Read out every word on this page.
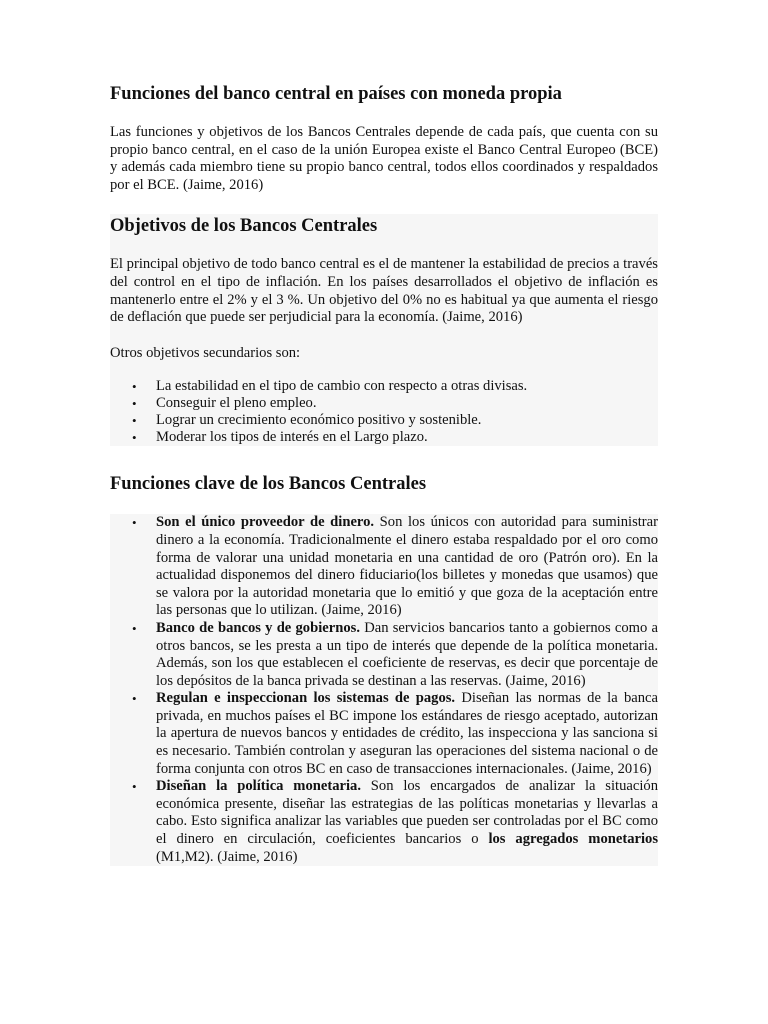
Funciones del banco central en países con moneda propia

Las funciones y objetivos de los Bancos Centrales depende de cada país, que cuenta con su propio banco central, en el caso de la unión Europea existe el Banco Central Europeo (BCE) y además cada miembro tiene su propio banco central, todos ellos coordinados y respaldados por el BCE. (Jaime, 2016)

Objetivos de los Bancos Centrales

El principal objetivo de todo banco central es el de mantener la estabilidad de precios a través del control en el tipo de inflación. En los países desarrollados el objetivo de inflación es mantenerlo entre el 2% y el 3 %. Un objetivo del 0% no es habitual ya que aumenta el riesgo de deflación que puede ser perjudicial para la economía. (Jaime, 2016)

Otros objetivos secundarios son:

• La estabilidad en el tipo de cambio con respecto a otras divisas.
• Conseguir el pleno empleo.
• Lograr un crecimiento económico positivo y sostenible.
• Moderar los tipos de interés en el Largo plazo.
Funciones clave de los Bancos Centrales
• Son el único proveedor de dinero. Son los únicos con autoridad para suministrar dinero a la economía. Tradicionalmente el dinero estaba respaldado por el oro como forma de valorar una unidad monetaria en una cantidad de oro (Patrón oro). En la actualidad disponemos del dinero fiduciario(los billetes y monedas que usamos) que se valora por la autoridad monetaria que lo emitió y que goza de la aceptación entre las personas que lo utilizan. (Jaime, 2016)
• Banco de bancos y de gobiernos. Dan servicios bancarios tanto a gobiernos como a otros bancos, se les presta a un tipo de interés que depende de la política monetaria. Además, son los que establecen el coeficiente de reservas, es decir que porcentaje de los depósitos de la banca privada se destinan a las reservas. (Jaime, 2016)
• Regulan e inspeccionan los sistemas de pagos. Diseñan las normas de la banca privada, en muchos países el BC impone los estándares de riesgo aceptado, autorizan la apertura de nuevos bancos y entidades de crédito, las inspecciona y las sanciona si es necesario. También controlan y aseguran las operaciones del sistema nacional o de forma conjunta con otros BC en caso de transacciones internacionales. (Jaime, 2016)
• Diseñan la política monetaria. Son los encargados de analizar la situación económica presente, diseñar las estrategias de las políticas monetarias y llevarlas a cabo. Esto significa analizar las variables que pueden ser controladas por el BC como el dinero en circulación, coeficientes bancarios o los agregados monetarios (M1,M2). (Jaime, 2016)
